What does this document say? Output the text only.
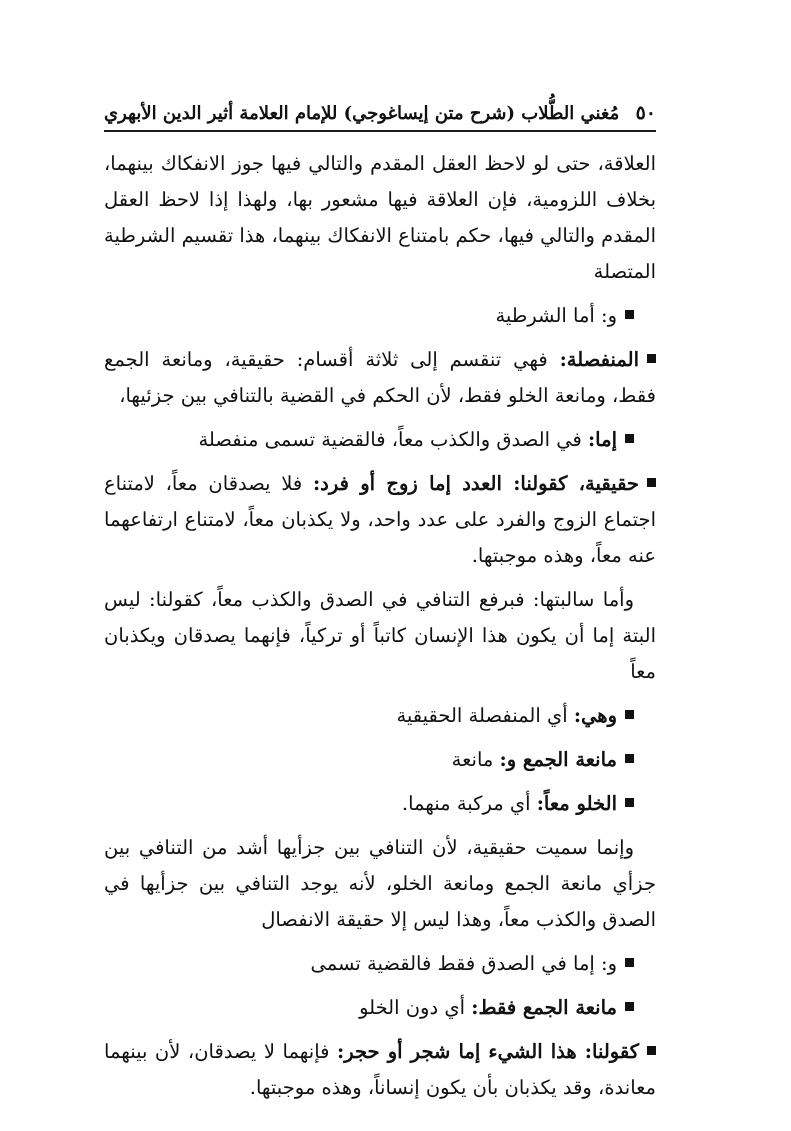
٥٠
مُغني الطُّلاب (شرح متن إيساغوجي) للإمام العلامة أثير الدين الأبهري

العلاقة، حتى لو لاحظ العقل المقدم والتالي فيها جوز الانفكاك بينهما، بخلاف اللزومية، فإن العلاقة فيها مشعور بها، ولهذا إذا لاحظ العقل المقدم والتالي فيها، حكم بامتناع الانفكاك بينهما، هذا تقسيم الشرطية المتصلة

و: أما الشرطية

المنفصلة: فهي تنقسم إلى ثلاثة أقسام: حقيقية، ومانعة الجمع فقط، ومانعة الخلو فقط، لأن الحكم في القضية بالتنافي بين جزئيها،

إما: في الصدق والكذب معاً، فالقضية تسمى منفصلة

حقيقية، كقولنا: العدد إما زوج أو فرد: فلا يصدقان معاً، لامتناع اجتماع الزوج والفرد على عدد واحد، ولا يكذبان معاً، لامتناع ارتفاعهما عنه معاً، وهذه موجبتها.

وأما سالبتها: فبرفع التنافي في الصدق والكذب معاً، كقولنا: ليس البتة إما أن يكون هذا الإنسان كاتباً أو تركياً، فإنهما يصدقان ويكذبان معاً

وهي: أي المنفصلة الحقيقية

مانعة الجمع و: مانعة

الخلو معاً: أي مركبة منهما.

وإنما سميت حقيقية، لأن التنافي بين جزأيها أشد من التنافي بين جزأي مانعة الجمع ومانعة الخلو، لأنه يوجد التنافي بين جزأيها في الصدق والكذب معاً، وهذا ليس إلا حقيقة الانفصال

و: إما في الصدق فقط فالقضية تسمى

مانعة الجمع فقط: أي دون الخلو

كقولنا: هذا الشيء إما شجر أو حجر: فإنهما لا يصدقان، لأن بينهما معاندة، وقد يكذبان بأن يكون إنساناً، وهذه موجبتها.
